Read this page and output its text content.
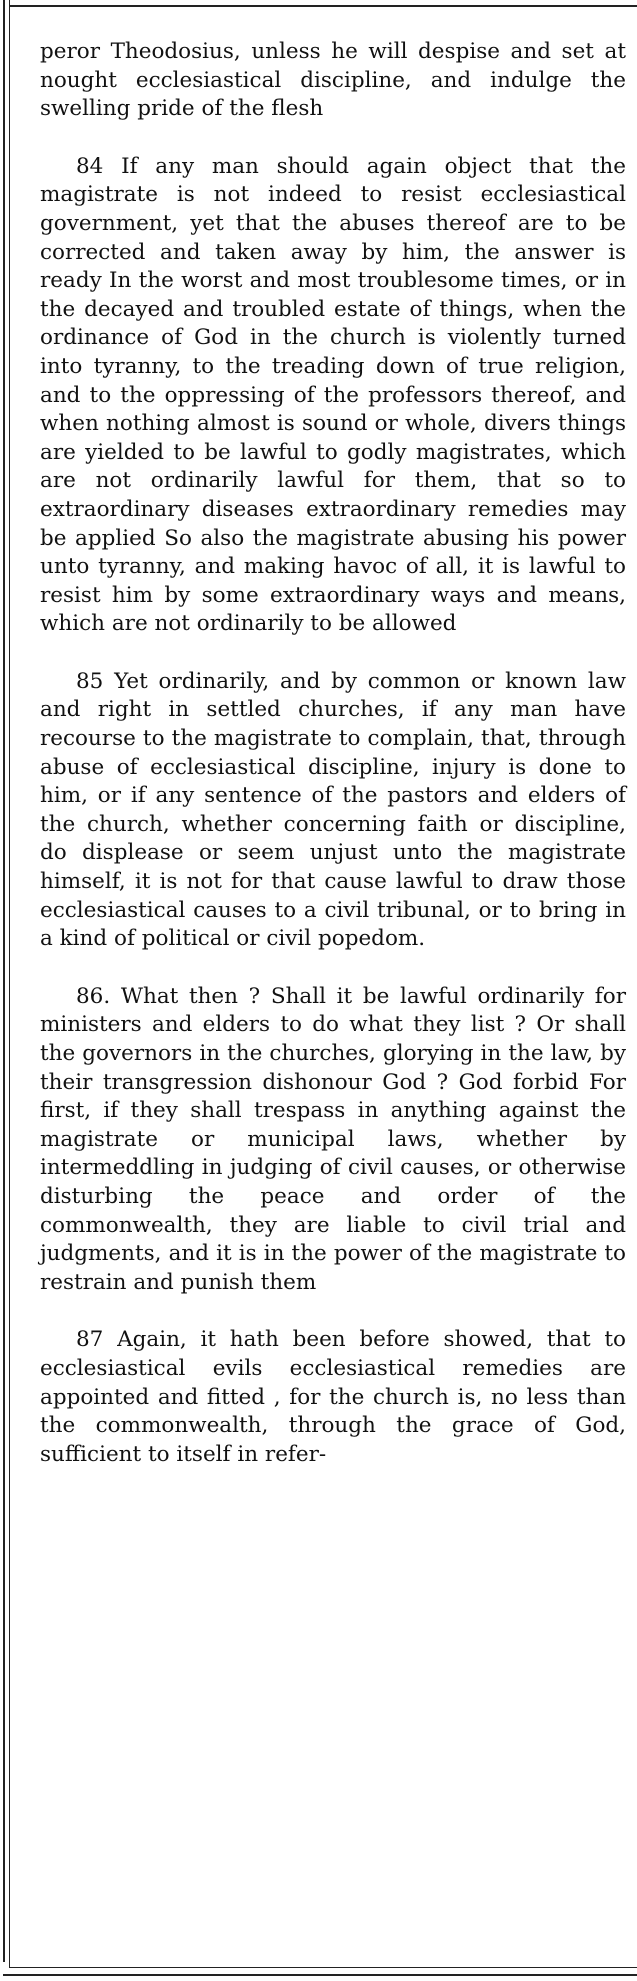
peror Theodosius, unless he will despise and set at nought ecclesiastical discipline, and indulge the swelling pride of the flesh

84 If any man should again object that the magistrate is not indeed to resist ecclesiastical government, yet that the abuses thereof are to be corrected and taken away by him, the answer is ready In the worst and most troublesome times, or in the decayed and troubled estate of things, when the ordinance of God in the church is violently turned into tyranny, to the treading down of true religion, and to the oppressing of the professors thereof, and when nothing almost is sound or whole, divers things are yielded to be lawful to godly magistrates, which are not ordinarily lawful for them, that so to extraordinary diseases extraordinary remedies may be applied So also the magistrate abusing his power unto tyranny, and making havoc of all, it is lawful to resist him by some extraordinary ways and means, which are not ordinarily to be allowed

85 Yet ordinarily, and by common or known law and right in settled churches, if any man have recourse to the magistrate to complain, that, through abuse of ecclesiastical discipline, injury is done to him, or if any sentence of the pastors and elders of the church, whether concerning faith or discipline, do displease or seem unjust unto the magistrate himself, it is not for that cause lawful to draw those ecclesiastical causes to a civil tribunal, or to bring in a kind of political or civil popedom.

86. What then ? Shall it be lawful ordinarily for ministers and elders to do what they list ? Or shall the governors in the churches, glorying in the law, by their transgression dishonour God ? God forbid For first, if they shall trespass in anything against the magistrate or municipal laws, whether by intermeddling in judging of civil causes, or otherwise disturbing the peace and order of the commonwealth, they are liable to civil trial and judgments, and it is in the power of the magistrate to restrain and punish them

87 Again, it hath been before showed, that to ecclesiastical evils ecclesiastical remedies are appointed and fitted , for the church is, no less than the commonwealth, through the grace of God, sufficient to itself in refer-
